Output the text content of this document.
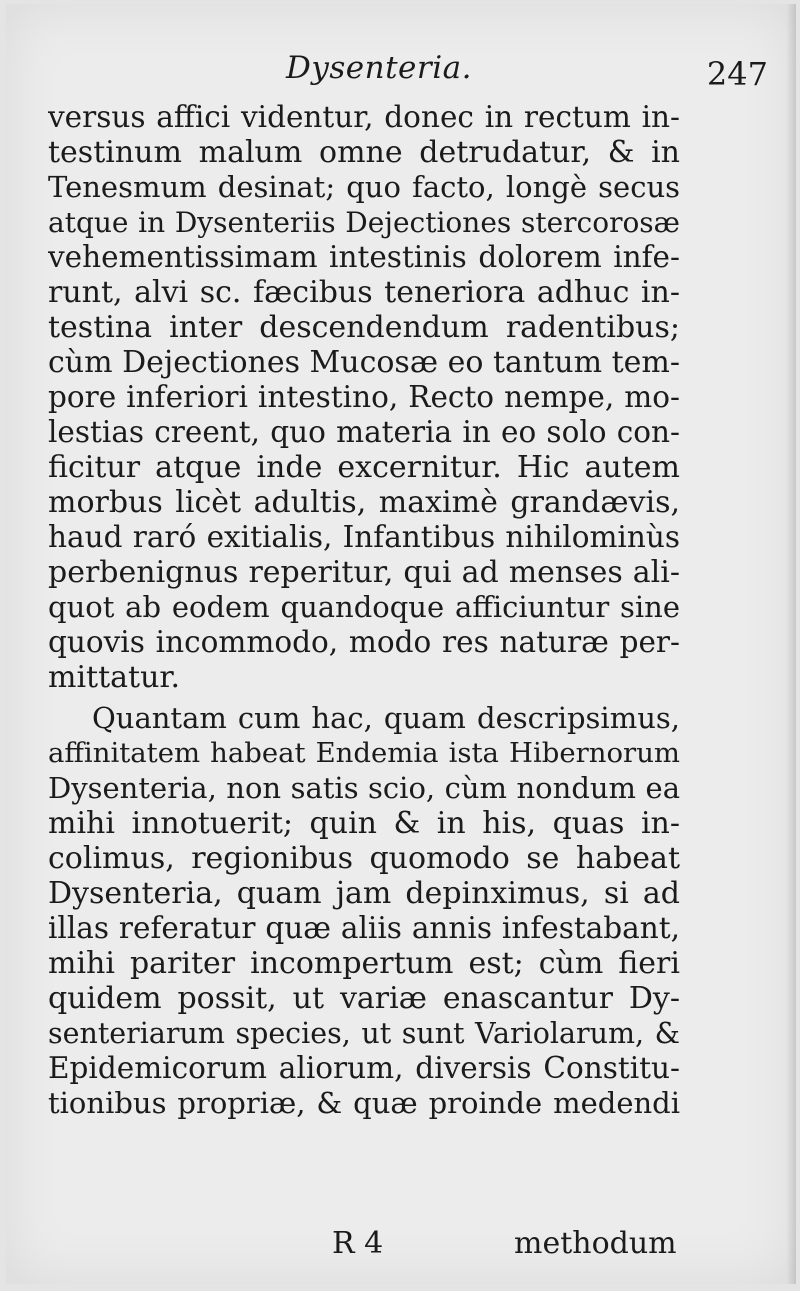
Dysenteria.	247
versus affici videntur, donec in rectum in-
testinum malum omne detrudatur, & in
Tenesmum desinat; quo facto, longè secus
atque in Dysenteriis Dejectiones stercorosæ
vehementissimam intestinis dolorem infe-
runt, alvi sc. fæcibus teneriora adhuc in-
testina inter descendendum radentibus;
cùm Dejectiones Mucosæ eo tantum tem-
pore inferiori intestino, Recto nempe, mo-
lestias creent, quo materia in eo solo con-
ficitur atque inde excernitur. Hic autem
morbus licèt adultis, maximè grandævis,
haud raró exitialis, Infantibus nihilominùs
perbenignus reperitur, qui ad menses ali-
quot ab eodem quandoque afficiuntur sine
quovis incommodo, modo res naturæ per-
mittatur.
Quantam cum hac, quam descripsimus,
affinitatem habeat Endemia ista Hibernorum
Dysenteria, non satis scio, cùm nondum ea
mihi innotuerit; quin & in his, quas in-
colimus, regionibus quomodo se habeat
Dysenteria, quam jam depinximus, si ad
illas referatur quæ aliis annis infestabant,
mihi pariter incompertum est; cùm fieri
quidem possit, ut variæ enascantur Dy-
senteriarum species, ut sunt Variolarum, &
Epidemicorum aliorum, diversis Constitu-
tionibus propriæ, & quæ proinde medendi
R 4	methodum
